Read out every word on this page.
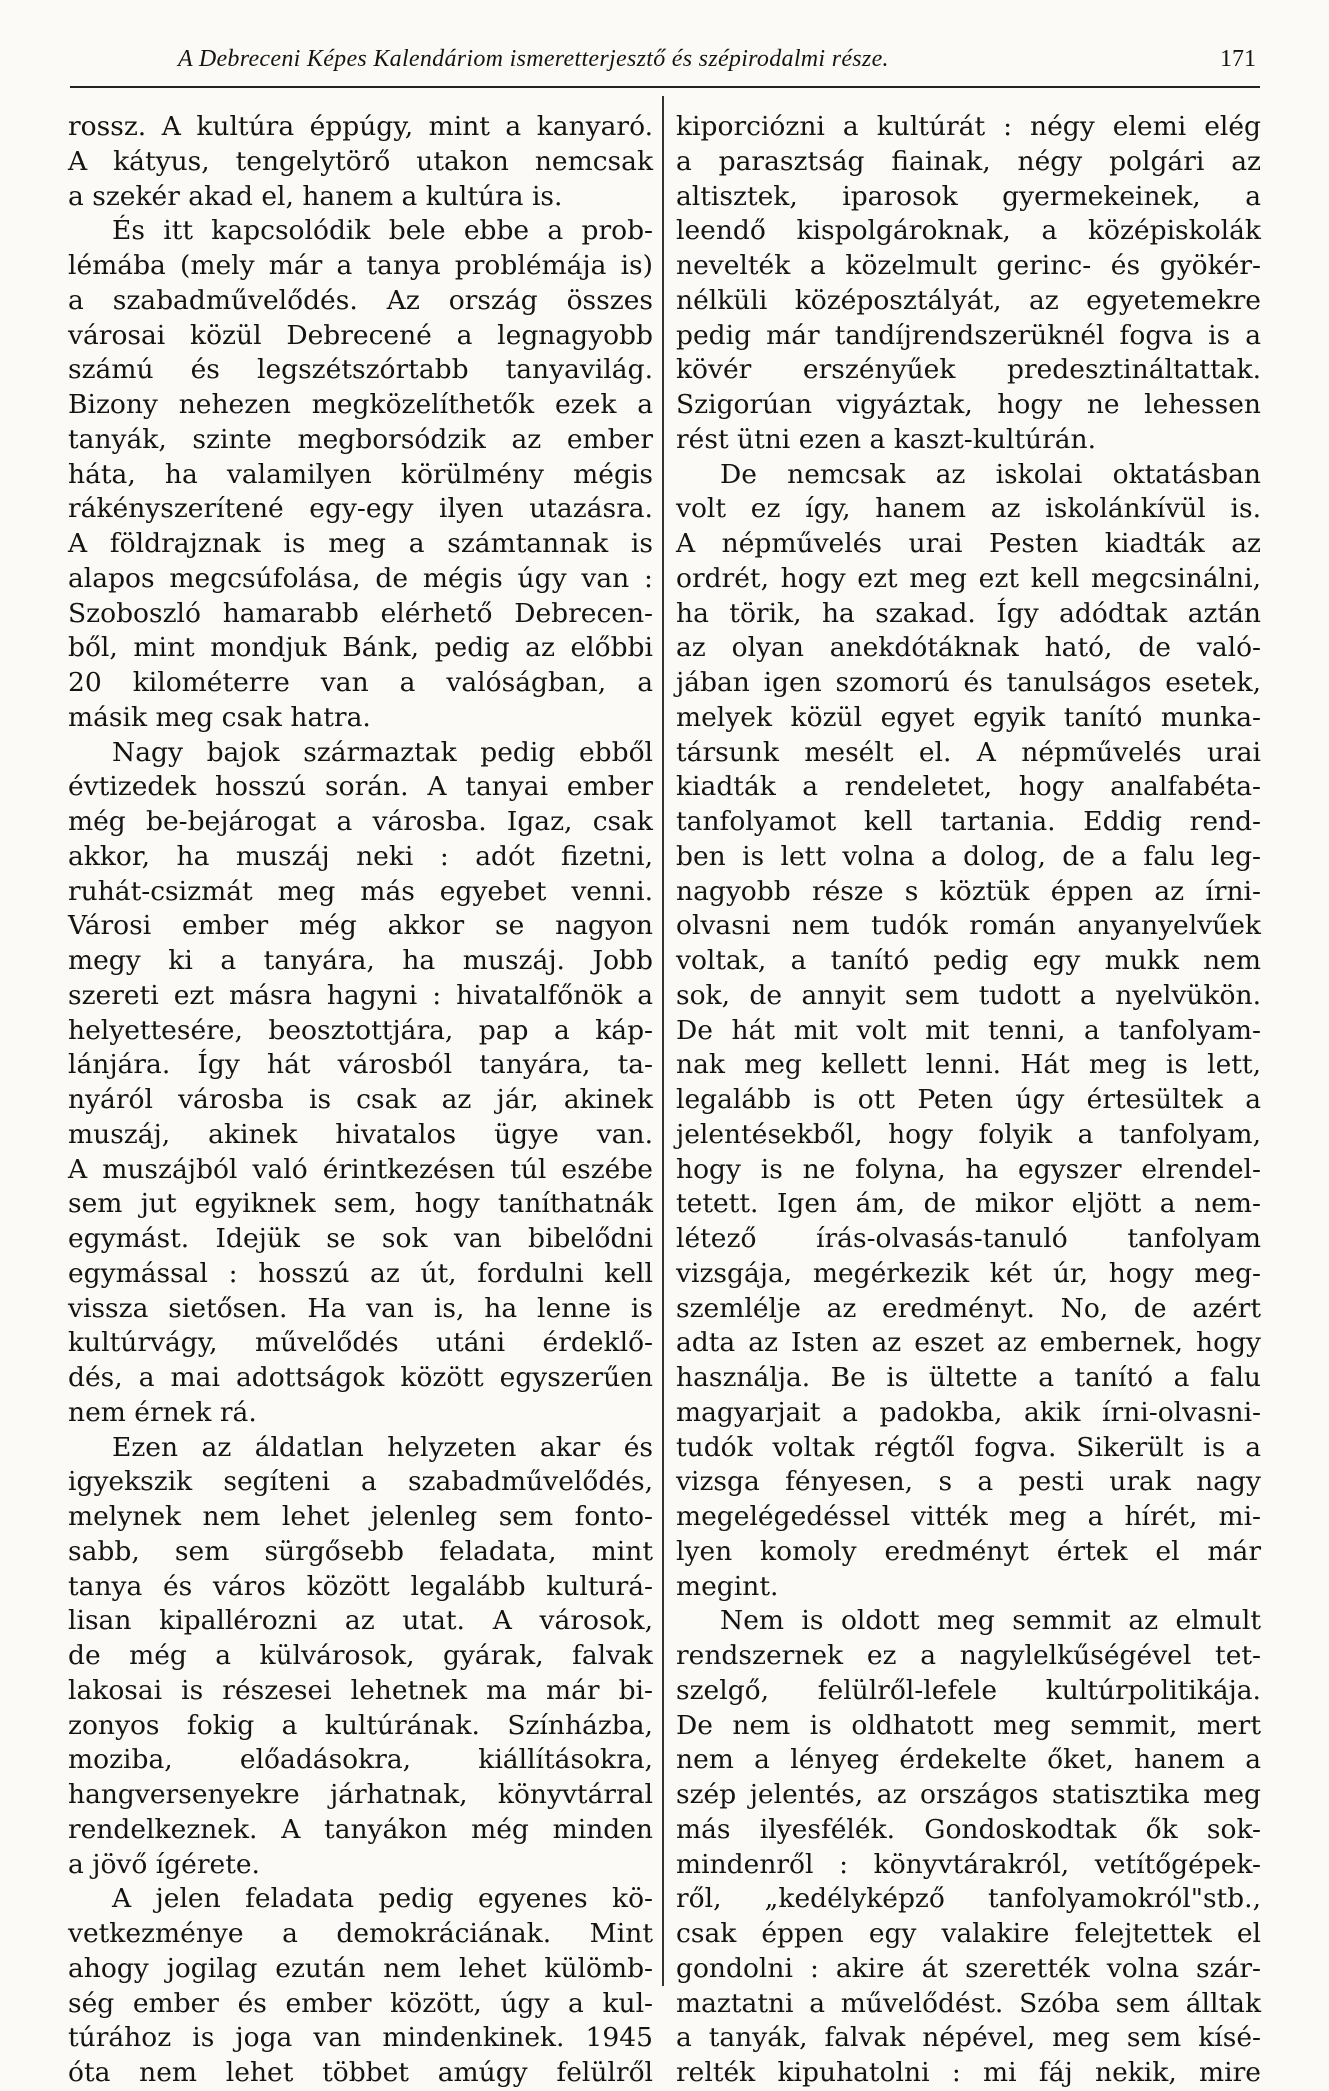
A Debreceni Képes Kalendáriom ismeretterjesztő és szépirodalmi része.	171
rossz. A kultúra éppúgy, mint a kanyaró.
A kátyus, tengelytörő utakon nemcsak
a szekér akad el, hanem a kultúra is.
És itt kapcsolódik bele ebbe a prob-
lémába (mely már a tanya problémája is)
a szabadművelődés. Az ország összes
városai közül Debrecené a legnagyobb
számú és legszétszórtabb tanyavilág.
Bizony nehezen megközelíthetők ezek a
tanyák, szinte megborsódzik az ember
háta, ha valamilyen körülmény mégis
rákényszerítené egy-egy ilyen utazásra.
A földrajznak is meg a számtannak is
alapos megcsúfolása, de mégis úgy van :
Szoboszló hamarabb elérhető Debrecen-
ből, mint mondjuk Bánk, pedig az előbbi
20 kilométerre van a valóságban, a
másik meg csak hatra.
Nagy bajok származtak pedig ebből
évtizedek hosszú során. A tanyai ember
még be-bejárogat a városba. Igaz, csak
akkor, ha muszáj neki : adót fizetni,
ruhát-csizmát meg más egyebet venni.
Városi ember még akkor se nagyon
megy ki a tanyára, ha muszáj. Jobb
szereti ezt másra hagyni : hivatalfőnök a
helyettesére, beosztottjára, pap a káp-
lánjára. Így hát városból tanyára, ta-
nyáról városba is csak az jár, akinek
muszáj, akinek hivatalos ügye van.
A muszájból való érintkezésen túl eszébe
sem jut egyiknek sem, hogy taníthatnák
egymást. Idejük se sok van bibelődni
egymással : hosszú az út, fordulni kell
vissza sietősen. Ha van is, ha lenne is
kultúrvágy, művelődés utáni érdeklő-
dés, a mai adottságok között egyszerűen
nem érnek rá.
Ezen az áldatlan helyzeten akar és
igyekszik segíteni a szabadművelődés,
melynek nem lehet jelenleg sem fonto-
sabb, sem sürgősebb feladata, mint
tanya és város között legalább kulturá-
lisan kipallérozni az utat. A városok,
de még a külvárosok, gyárak, falvak
lakosai is részesei lehetnek ma már bi-
zonyos fokig a kultúrának. Színházba,
moziba, előadásokra, kiállításokra,
hangversenyekre járhatnak, könyvtárral
rendelkeznek. A tanyákon még minden
a jövő ígérete.
A jelen feladata pedig egyenes kö-
vetkezménye a demokráciának. Mint
ahogy jogilag ezután nem lehet külömb-
ség ember és ember között, úgy a kul-
túrához is joga van mindenkinek. 1945
óta nem lehet többet amúgy felülről
kiporciózni a kultúrát : négy elemi elég
a parasztság fiainak, négy polgári az
altisztek, iparosok gyermekeinek, a
leendő kispolgároknak, a középiskolák
nevelték a közelmult gerinc- és gyökér-
nélküli középosztályát, az egyetemekre
pedig már tandíjrendszerüknél fogva is a
kövér erszényűek predesztináltattak.
Szigorúan vigyáztak, hogy ne lehessen
rést ütni ezen a kaszt-kultúrán.
De nemcsak az iskolai oktatásban
volt ez így, hanem az iskolánkívül is.
A népművelés urai Pesten kiadták az
ordrét, hogy ezt meg ezt kell megcsinálni,
ha törik, ha szakad. Így adódtak aztán
az olyan anekdótáknak ható, de való-
jában igen szomorú és tanulságos esetek,
melyek közül egyet egyik tanító munka-
társunk mesélt el. A népművelés urai
kiadták a rendeletet, hogy analfabéta-
tanfolyamot kell tartania. Eddig rend-
ben is lett volna a dolog, de a falu leg-
nagyobb része s köztük éppen az írni-
olvasni nem tudók román anyanyelvűek
voltak, a tanító pedig egy mukk nem
sok, de annyit sem tudott a nyelvükön.
De hát mit volt mit tenni, a tanfolyam-
nak meg kellett lenni. Hát meg is lett,
legalább is ott Peten úgy értesültek a
jelentésekből, hogy folyik a tanfolyam,
hogy is ne folyna, ha egyszer elrendel-
tetett. Igen ám, de mikor eljött a nem-
létező írás-olvasás-tanuló tanfolyam
vizsgája, megérkezik két úr, hogy meg-
szemlélje az eredményt. No, de azért
adta az Isten az eszet az embernek, hogy
használja. Be is ültette a tanító a falu
magyarjait a padokba, akik írni-olvasni-
tudók voltak régtől fogva. Sikerült is a
vizsga fényesen, s a pesti urak nagy
megelégedéssel vitték meg a hírét, mi-
lyen komoly eredményt értek el már
megint.
Nem is oldott meg semmit az elmult
rendszernek ez a nagylelkűségével tet-
szelgő, felülről-lefele kultúrpolitikája.
De nem is oldhatott meg semmit, mert
nem a lényeg érdekelte őket, hanem a
szép jelentés, az országos statisztika meg
más ilyesfélék. Gondoskodtak ők sok-
mindenről : könyvtárakról, vetítőgépek-
ről, „kedélyképző tanfolyamokról"stb.,
csak éppen egy valakire felejtettek el
gondolni : akire át szerették volna szár-
maztatni a művelődést. Szóba sem álltak
a tanyák, falvak népével, meg sem kísé-
relték kipuhatolni : mi fáj nekik, mire
